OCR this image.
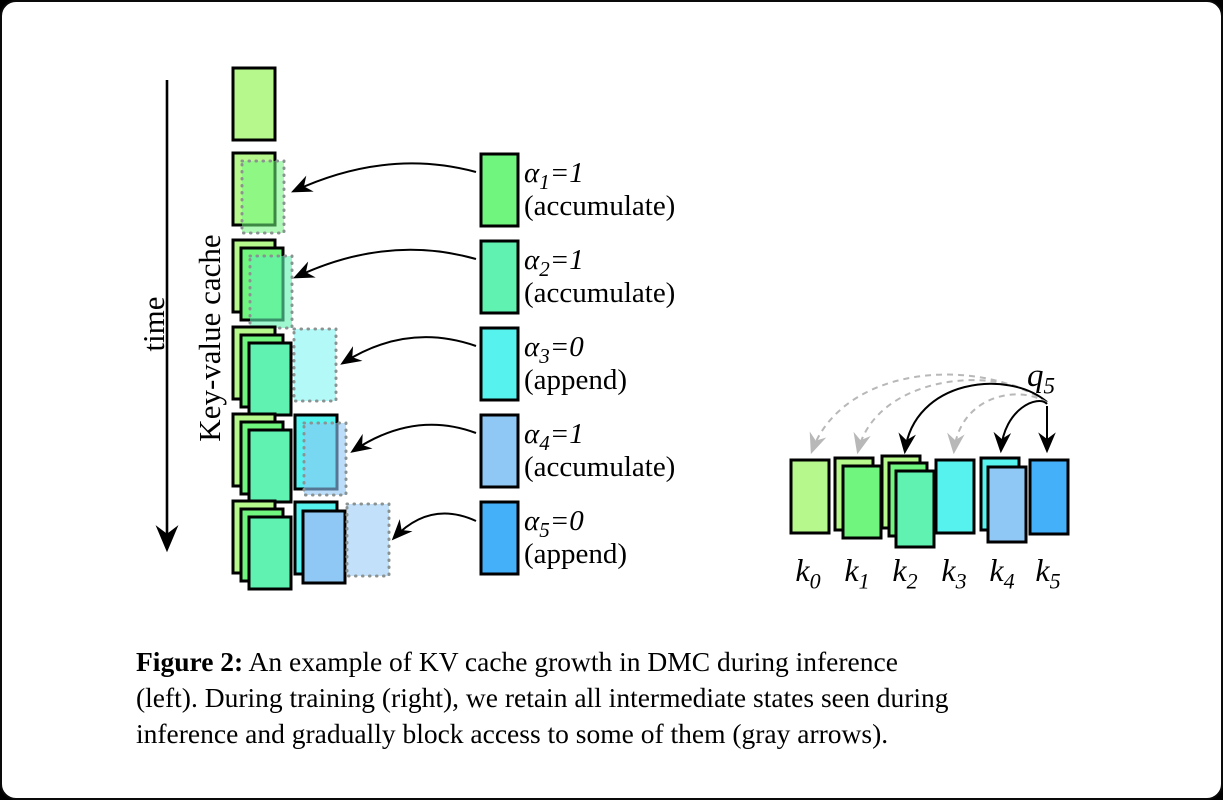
time Key-value cache
$\alpha_1=1$
(accumulate)
$\alpha_2=1$
(accumulate)
$\alpha_3=0$
(append)
$\alpha_4=1$
(accumulate)
$\alpha_5=0$
(append)
$q_5$
$k_0$ $k_1$ $k_2$ $k_3$ $k_4$ $k_5$
Figure 2: An example of KV cache growth in DMC during inference
(left). During training (right), we retain all intermediate states seen during
inference and gradually block access to some of them (gray arrows).
